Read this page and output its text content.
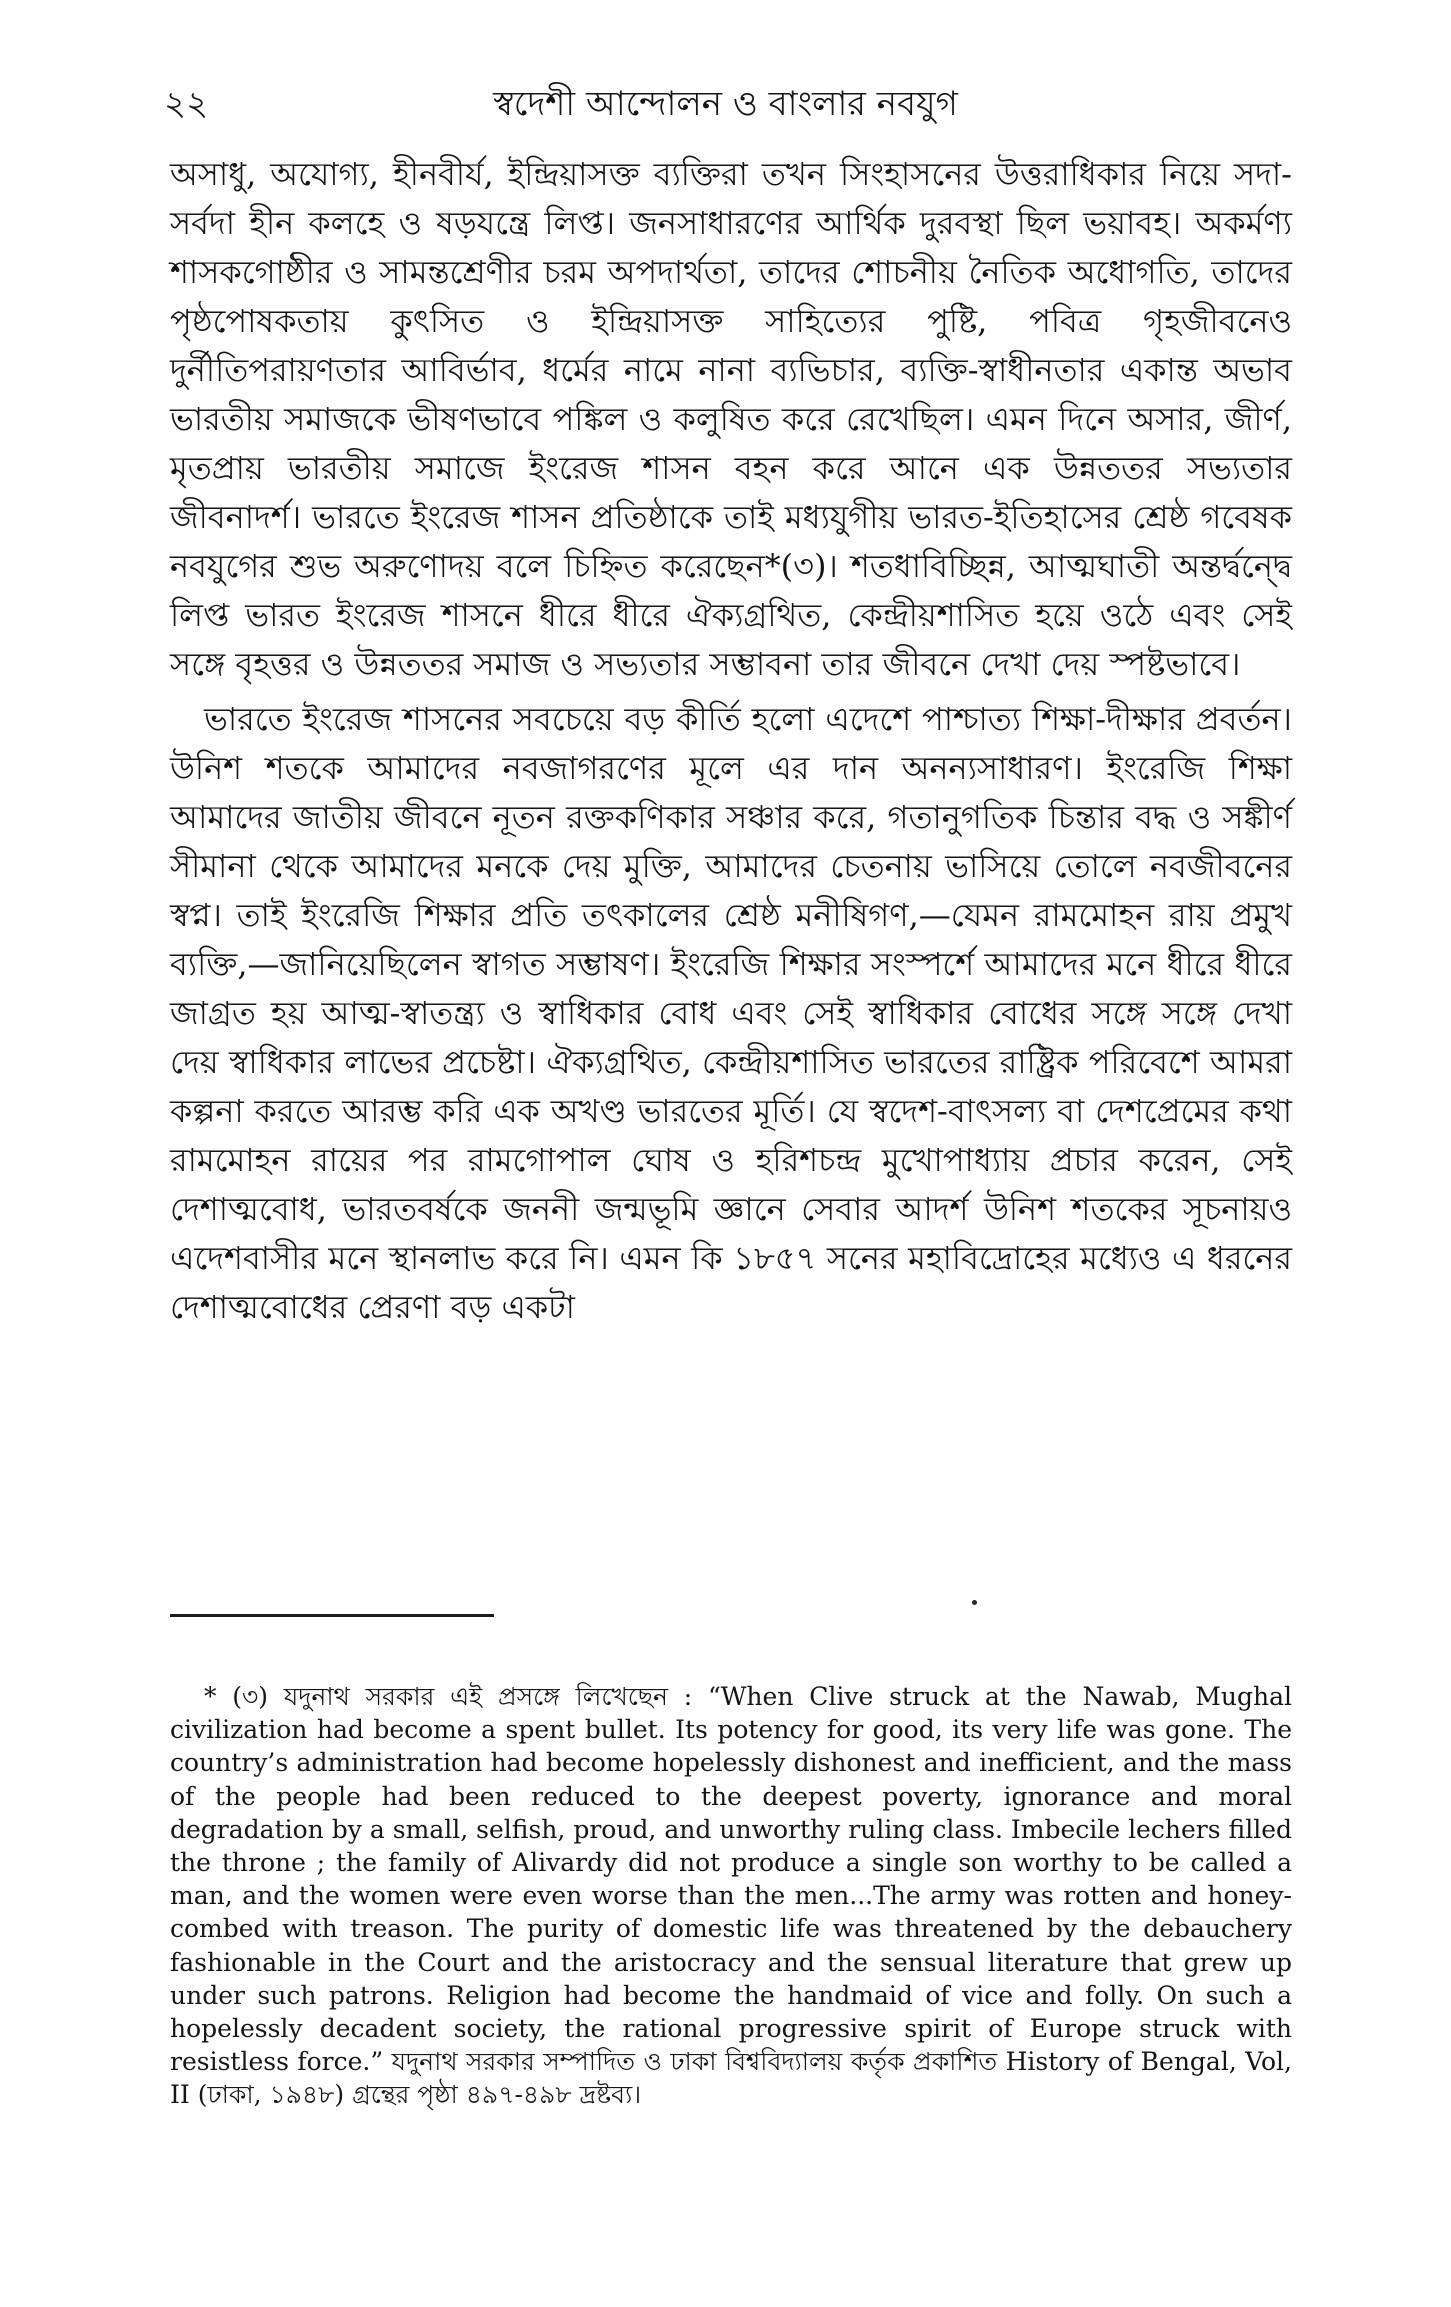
২২	স্বদেশী আন্দোলন ও বাংলার নবযুগ

অসাধু, অযোগ্য, হীনবীর্য, ইন্দ্রিয়াসক্ত ব্যক্তিরা তখন সিংহাসনের উত্তরাধিকার নিয়ে সদা-সর্বদা হীন কলহে ও ষড়যন্ত্রে লিপ্ত। জনসাধারণের আর্থিক দুরবস্থা ছিল ভয়াবহ। অকর্মণ্য শাসকগোষ্ঠীর ও সামন্তশ্রেণীর চরম অপদার্থতা, তাদের শোচনীয় নৈতিক অধোগতি, তাদের পৃষ্ঠপোষকতায় কুৎসিত ও ইন্দ্রিয়াসক্ত সাহিত্যের পুষ্টি, পবিত্র গৃহজীবনেও দুর্নীতিপরায়ণতার আবির্ভাব, ধর্মের নামে নানা ব্যভিচার, ব্যক্তি-স্বাধীনতার একান্ত অভাব ভারতীয় সমাজকে ভীষণভাবে পঙ্কিল ও কলুষিত করে রেখেছিল। এমন দিনে অসার, জীর্ণ, মৃতপ্রায় ভারতীয় সমাজে ইংরেজ শাসন বহন করে আনে এক উন্নততর সভ্যতার জীবনাদর্শ। ভারতে ইংরেজ শাসন প্রতিষ্ঠাকে তাই মধ্যযুগীয় ভারত-ইতিহাসের শ্রেষ্ঠ গবেষক নবযুগের শুভ অরুণোদয় বলে চিহ্নিত করেছেন*(৩)। শতধাবিচ্ছিন্ন, আত্মঘাতী অন্তর্দ্বন্দ্বে লিপ্ত ভারত ইংরেজ শাসনে ধীরে ধীরে ঐক্যগ্রথিত, কেন্দ্রীয়শাসিত হয়ে ওঠে এবং সেই সঙ্গে বৃহত্তর ও উন্নততর সমাজ ও সভ্যতার সম্ভাবনা তার জীবনে দেখা দেয় স্পষ্টভাবে।

ভারতে ইংরেজ শাসনের সবচেয়ে বড় কীর্তি হলো এদেশে পাশ্চাত্য শিক্ষা-দীক্ষার প্রবর্তন। উনিশ শতকে আমাদের নবজাগরণের মূলে এর দান অনন্যসাধারণ। ইংরেজি শিক্ষা আমাদের জাতীয় জীবনে নূতন রক্তকণিকার সঞ্চার করে, গতানুগতিক চিন্তার বদ্ধ ও সঙ্কীর্ণ সীমানা থেকে আমাদের মনকে দেয় মুক্তি, আমাদের চেতনায় ভাসিয়ে তোলে নবজীবনের স্বপ্ন। তাই ইংরেজি শিক্ষার প্রতি তৎকালের শ্রেষ্ঠ মনীষিগণ,—যেমন রামমোহন রায় প্রমুখ ব্যক্তি,—জানিয়েছিলেন স্বাগত সম্ভাষণ। ইংরেজি শিক্ষার সংস্পর্শে আমাদের মনে ধীরে ধীরে জাগ্রত হয় আত্ম-স্বাতন্ত্র্য ও স্বাধিকার বোধ এবং সেই স্বাধিকার বোধের সঙ্গে সঙ্গে দেখা দেয় স্বাধিকার লাভের প্রচেষ্টা। ঐক্যগ্রথিত, কেন্দ্রীয়শাসিত ভারতের রাষ্ট্রিক পরিবেশে আমরা কল্পনা করতে আরম্ভ করি এক অখণ্ড ভারতের মূর্তি। যে স্বদেশ-বাৎসল্য বা দেশপ্রেমের কথা রামমোহন রায়ের পর রামগোপাল ঘোষ ও হরিশচন্দ্র মুখোপাধ্যায় প্রচার করেন, সেই দেশাত্মবোধ, ভারতবর্ষকে জননী জন্মভূমি জ্ঞানে সেবার আদর্শ উনিশ শতকের সূচনায়ও এদেশবাসীর মনে স্থানলাভ করে নি। এমন কি ১৮৫৭ সনের মহাবিদ্রোহের মধ্যেও এ ধরনের দেশাত্মবোধের প্রেরণা বড় একটা

* (৩) যদুনাথ সরকার এই প্রসঙ্গে লিখেছেন : “When Clive struck at the Nawab, Mughal civilization had become a spent bullet. Its potency for good, its very life was gone. The country’s administration had become hopelessly dishonest and inefficient, and the mass of the people had been reduced to the deepest poverty, ignorance and moral degradation by a small, selfish, proud, and unworthy ruling class. Imbecile lechers filled the throne ; the family of Alivardy did not produce a single son worthy to be called a man, and the women were even worse than the men...The army was rotten and honey-combed with treason. The purity of domestic life was threatened by the debauchery fashionable in the Court and the aristocracy and the sensual literature that grew up under such patrons. Religion had become the handmaid of vice and folly. On such a hopelessly decadent society, the rational progressive spirit of Europe struck with resistless force.” যদুনাথ সরকার সম্পাদিত ও ঢাকা বিশ্ববিদ্যালয় কর্তৃক প্রকাশিত History of Bengal, Vol, II (ঢাকা, ১৯৪৮) গ্রন্থের পৃষ্ঠা ৪৯৭-৪৯৮ দ্রষ্টব্য।
